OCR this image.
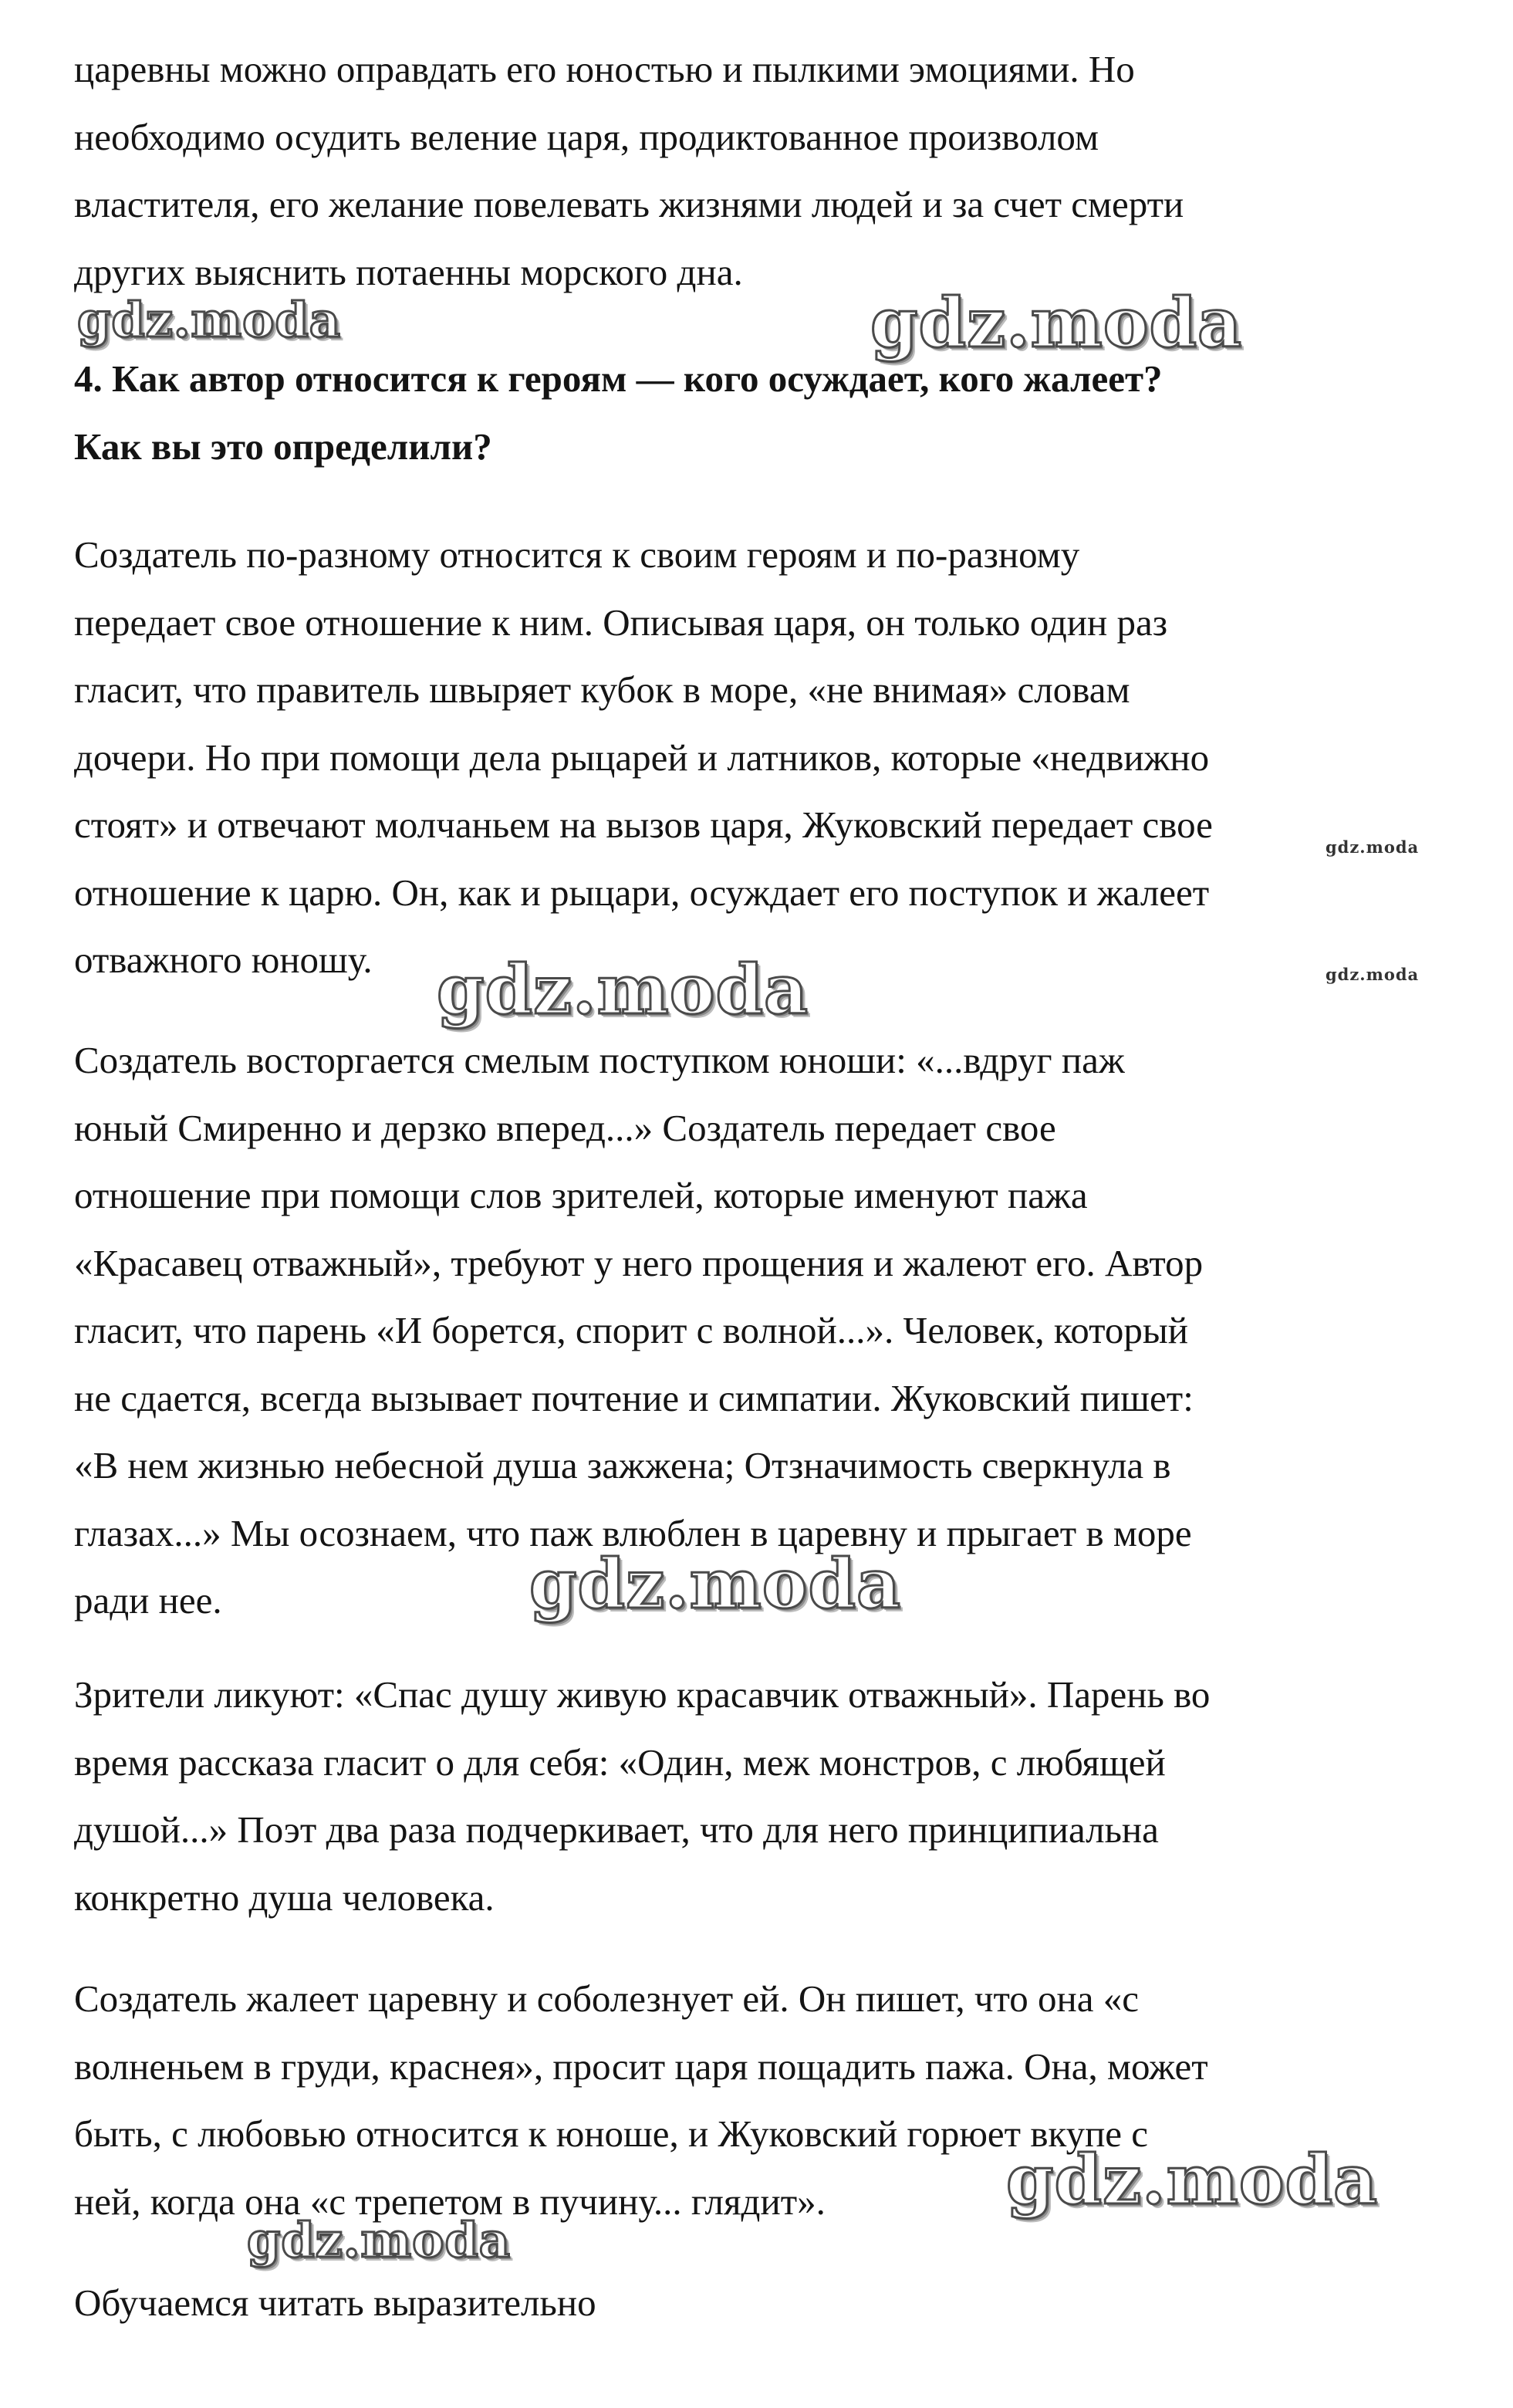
царевны можно оправдать его юностью и пылкими эмоциями. Но
необходимо осудить веление царя, продиктованное произволом
властителя, его желание повелевать жизнями людей и за счет смерти
других выяснить потаенны морского дна.

4. Как автор относится к героям — кого осуждает, кого жалеет?
Как вы это определили?

Создатель по-разному относится к своим героям и по-разному
передает свое отношение к ним. Описывая царя, он только один раз
гласит, что правитель швыряет кубок в море, «не внимая» словам
дочери. Но при помощи дела рыцарей и латников, которые «недвижно
стоят» и отвечают молчаньем на вызов царя, Жуковский передает свое
отношение к царю. Он, как и рыцари, осуждает его поступок и жалеет
отважного юношу.

Создатель восторгается смелым поступком юноши: «...вдруг паж
юный Смиренно и дерзко вперед...» Создатель передает свое
отношение при помощи слов зрителей, которые именуют пажа
«Красавец отважный», требуют у него прощения и жалеют его. Автор
гласит, что парень «И борется, спорит с волной...». Человек, который
не сдается, всегда вызывает почтение и симпатии. Жуковский пишет:
«В нем жизнью небесной душа зажжена; Отзначимость сверкнула в
глазах...» Мы осознаем, что паж влюблен в царевну и прыгает в море
ради нее.

Зрители ликуют: «Спас душу живую красавчик отважный». Парень во
время рассказа гласит о для себя: «Один, меж монстров, с любящей
душой...» Поэт два раза подчеркивает, что для него принципиальна
конкретно душа человека.

Создатель жалеет царевну и соболезнует ей. Он пишет, что она «с
волненьем в груди, краснея», просит царя пощадить пажа. Она, может
быть, с любовью относится к юноше, и Жуковский горюет вкупе с
ней, когда она «с трепетом в пучину... глядит».

Обучаемся читать выразительно

gdz.moda	gdz.moda
gdz.moda
gdz.moda
gdz.moda
gdz.moda
gdz.moda
gdz.moda
